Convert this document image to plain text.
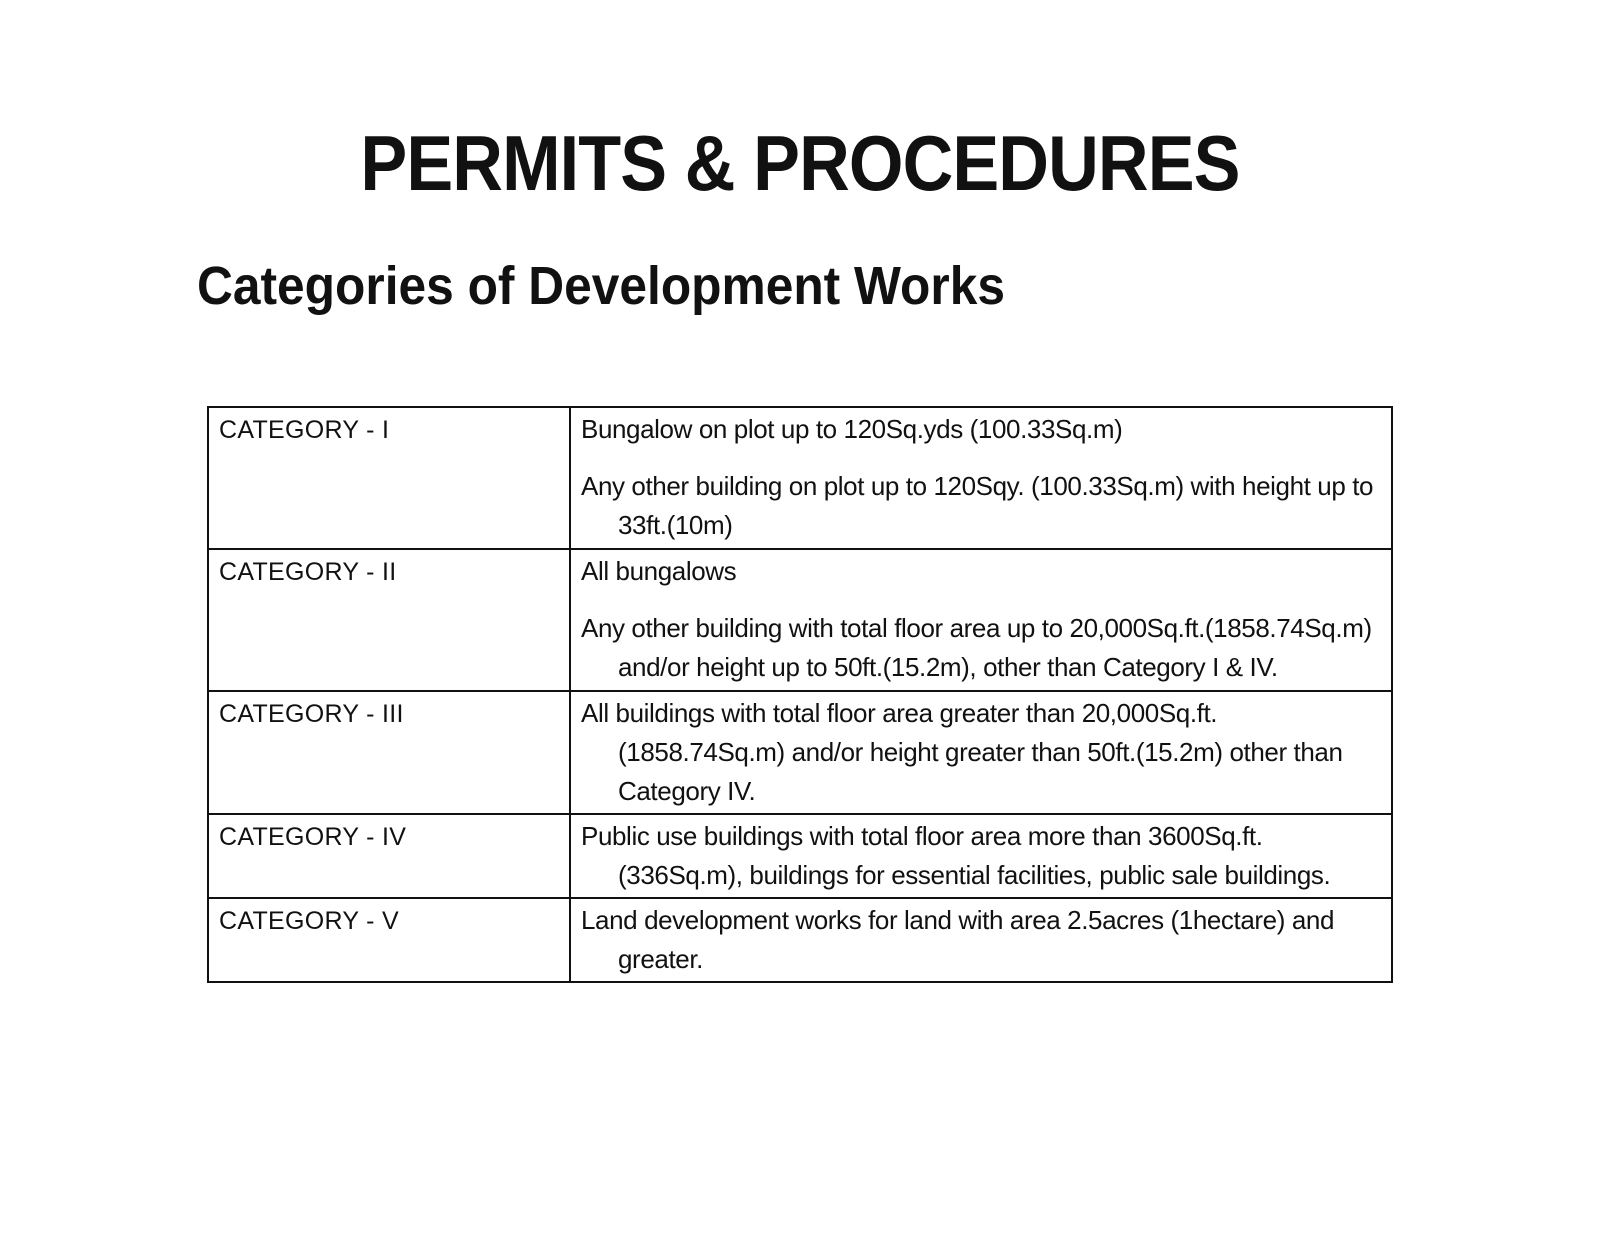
PERMITS & PROCEDURES
Categories of Development Works
CATEGORY - I	Bungalow on plot up to 120Sq.yds (100.33Sq.m)

Any other building on plot up to 120Sqy. (100.33Sq.m) with height up to 33ft.(10m)

CATEGORY - II	All bungalows

Any other building with total floor area up to 20,000Sq.ft.(1858.74Sq.m) and/or height up to 50ft.(15.2m), other than Category I & IV.

CATEGORY - III	All buildings with total floor area greater than 20,000Sq.ft.(1858.74Sq.m) and/or height greater than 50ft.(15.2m) other than Category IV.

CATEGORY - IV	Public use buildings with total floor area more than 3600Sq.ft.(336Sq.m), buildings for essential facilities, public sale buildings.

CATEGORY - V	Land development works for land with area 2.5acres (1hectare) and greater.
